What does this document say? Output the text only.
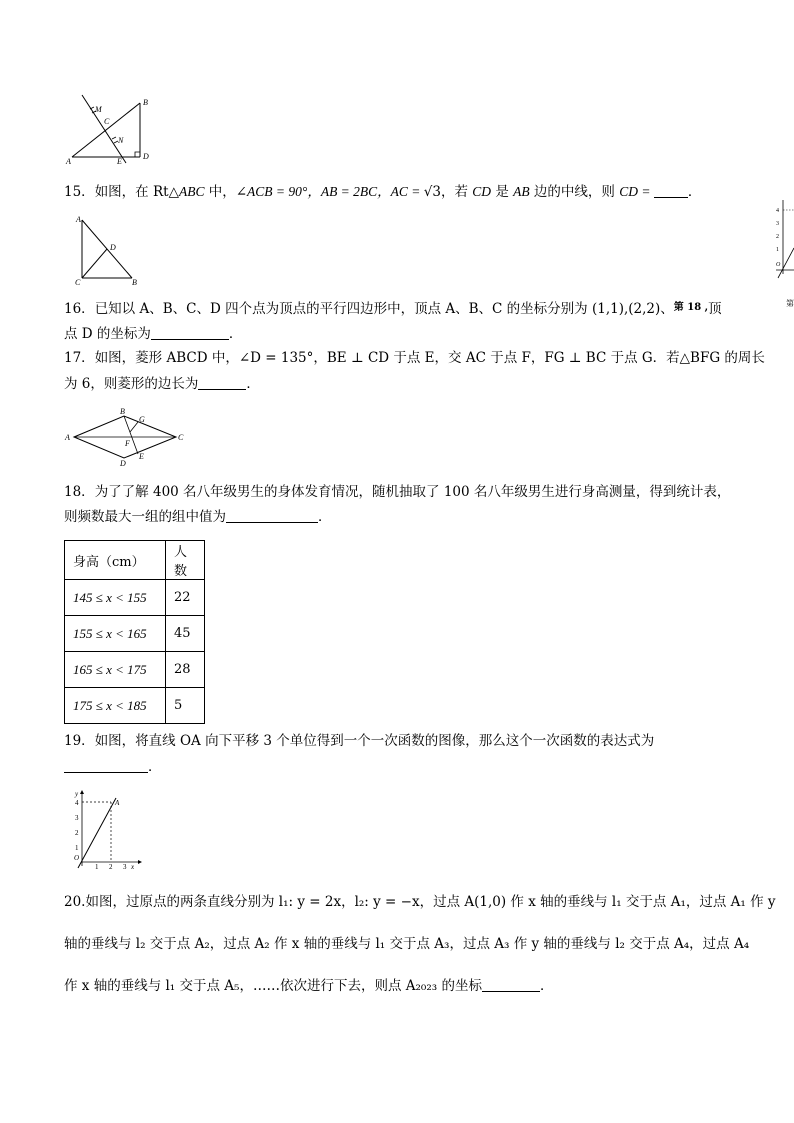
M
C
N
B
A	E
D
15．如图，在 Rt△ABC 中，∠ACB = 90°，AB = 2BC，AC = √3，若 CD 是 AB 边的中线，则 CD =	．
A
D
C	B
16．已知以 A、B、C、D 四个点为顶点的平行四边形中，顶点 A、B、C 的坐标分别为 (1,1),(2,2)、$^{第 18 ,}$顶
点 D 的坐标为	．
17．如图，菱形 ABCD 中，∠D = 135°，BE ⊥ CD 于点 E，交 AC 于点 F，FG ⊥ BC 于点 G．若△BFG 的周长
为 6，则菱形的边长为	．
A
B
G
C
F
E
D
18．为了了解 400 名八年级男生的身体发育情况，随机抽取了 100 名八年级男生进行身高测量，得到统计表，
则频数最大一组的组中值为	．
身高（cm）	人数
145 ≤ x < 155	22
155 ≤ x < 165	45
165 ≤ x < 175	28
175 ≤ x < 185	5
19．如图，将直线 OA 向下平移 3 个单位得到一个一次函数的图像，那么这个一次函数的表达式为
．
y
A
4
3
2
1
O
1 2 3 x
20.如图，过原点的两条直线分别为 l₁: y = 2x，l₂: y = −x，过点 A(1,0) 作 x 轴的垂线与 l₁ 交于点 A₁，过点 A₁ 作 y
轴的垂线与 l₂ 交于点 A₂，过点 A₂ 作 x 轴的垂线与 l₁ 交于点 A₃，过点 A₃ 作 y 轴的垂线与 l₂ 交于点 A₄，过点 A₄
作 x 轴的垂线与 l₁ 交于点 A₅，……依次进行下去，则点 A₂₀₂₃ 的坐标	．
4
3
2
1
O
第
